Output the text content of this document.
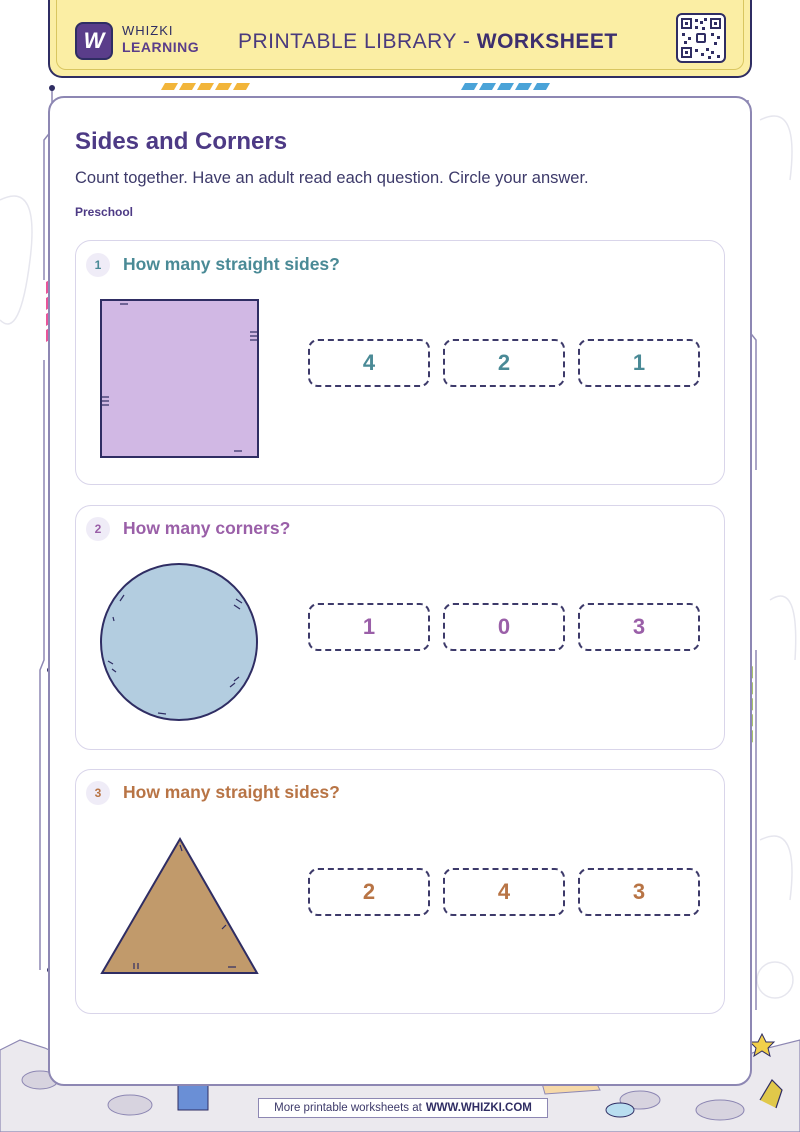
W WHIZKI
LEARNING PRINTABLE LIBRARY - WORKSHEET
Sides and Corners
Count together. Have an adult read each question. Circle your answer.
Preschool
1	How many straight sides?
4	2	1
2	How many corners?
1	0	3
3	How many straight sides?
2	4	3
More printable worksheets at WWW.WHIZKI.COM
